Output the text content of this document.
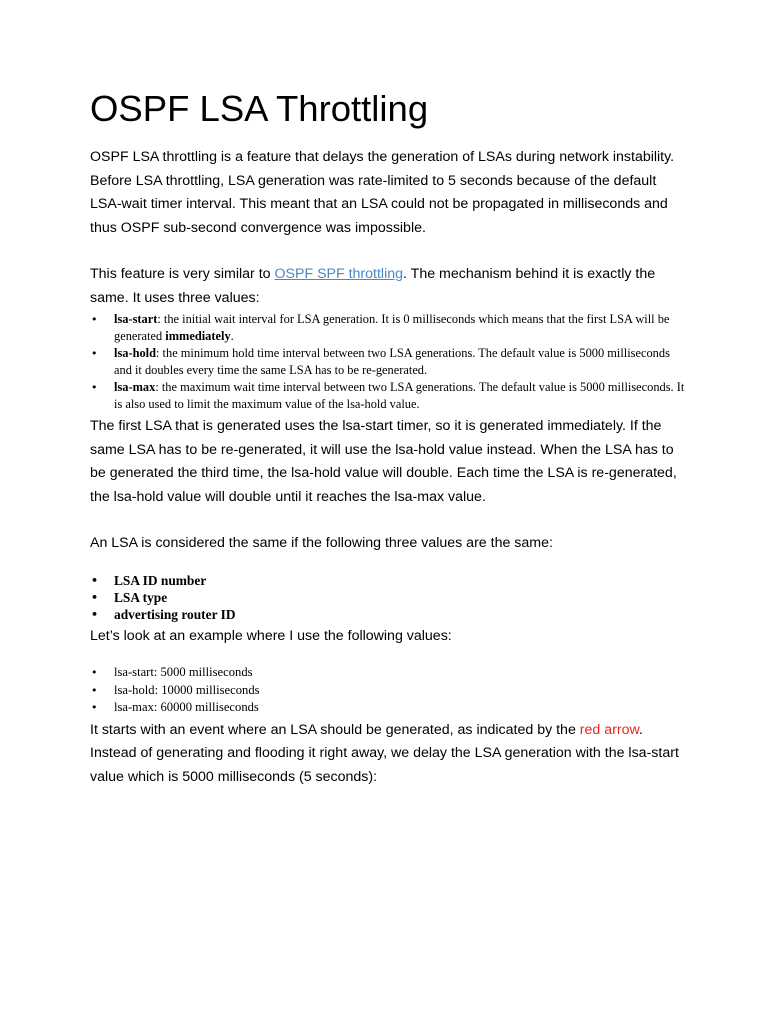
OSPF LSA Throttling

OSPF LSA throttling is a feature that delays the generation of LSAs during network instability. Before LSA throttling, LSA generation was rate-limited to 5 seconds because of the default LSA-wait timer interval. This meant that an LSA could not be propagated in milliseconds and thus OSPF sub-second convergence was impossible.

This feature is very similar to OSPF SPF throttling. The mechanism behind it is exactly the same. It uses three values:

• lsa-start: the initial wait interval for LSA generation. It is 0 milliseconds which means that the first LSA will be generated immediately.
• lsa-hold: the minimum hold time interval between two LSA generations. The default value is 5000 milliseconds and it doubles every time the same LSA has to be re-generated.
• lsa-max: the maximum wait time interval between two LSA generations. The default value is 5000 milliseconds. It is also used to limit the maximum value of the lsa-hold value.

The first LSA that is generated uses the lsa-start timer, so it is generated immediately. If the same LSA has to be re-generated, it will use the lsa-hold value instead. When the LSA has to be generated the third time, the lsa-hold value will double. Each time the LSA is re-generated, the lsa-hold value will double until it reaches the lsa-max value.

An LSA is considered the same if the following three values are the same:

• LSA ID number
• LSA type
• advertising router ID

Let’s look at an example where I use the following values:

• lsa-start: 5000 milliseconds
• lsa-hold: 10000 milliseconds
• lsa-max: 60000 milliseconds

It starts with an event where an LSA should be generated, as indicated by the red arrow. Instead of generating and flooding it right away, we delay the LSA generation with the lsa-start value which is 5000 milliseconds (5 seconds):
